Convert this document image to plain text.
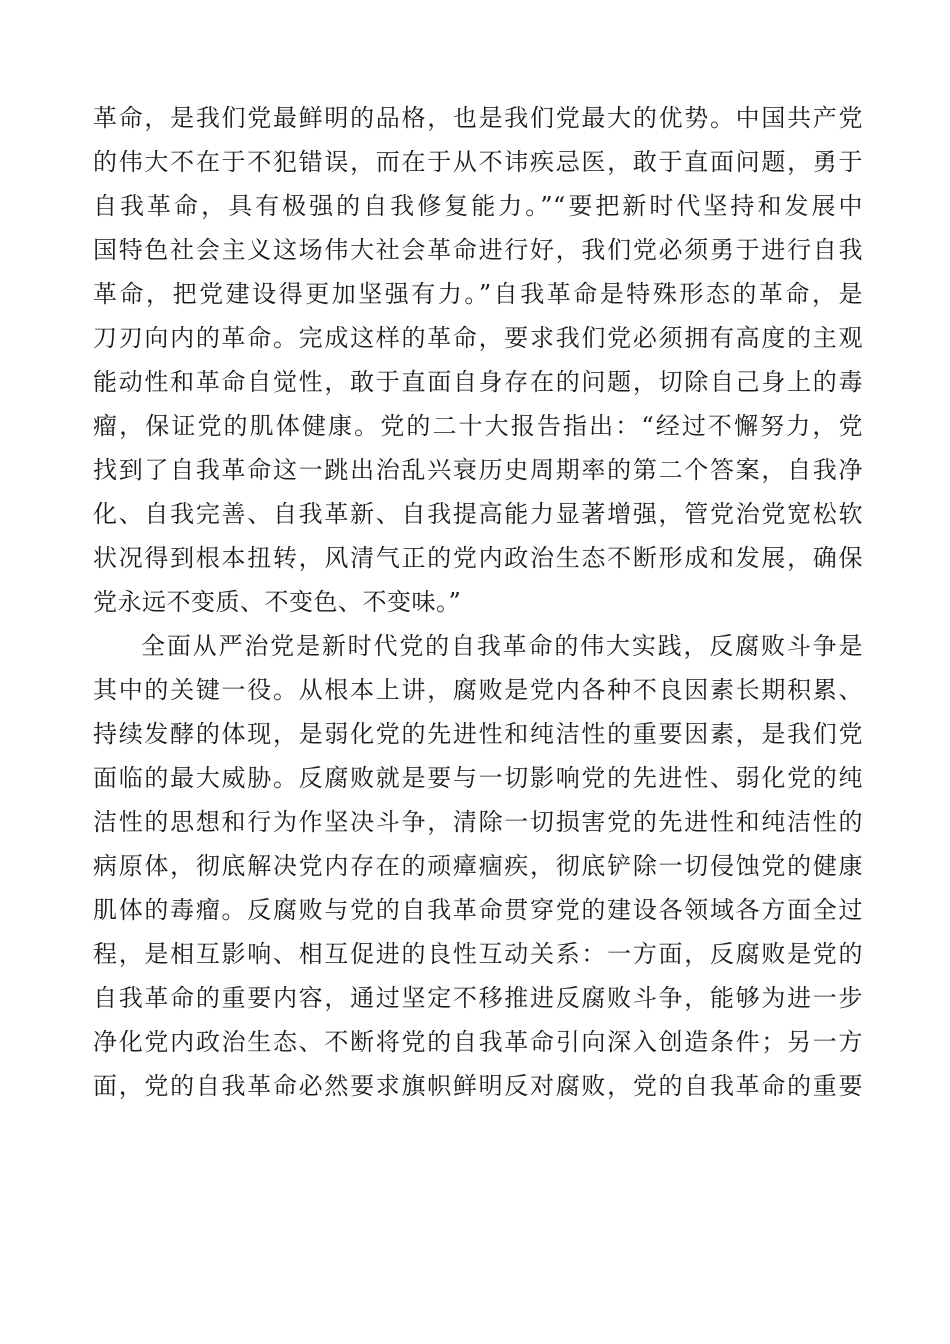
革命，是我们党最鲜明的品格，也是我们党最大的优势。中国共产党
的伟大不在于不犯错误，而在于从不讳疾忌医，敢于直面问题，勇于
自我革命，具有极强的自我修复能力。”“要把新时代坚持和发展中
国特色社会主义这场伟大社会革命进行好，我们党必须勇于进行自我
革命，把党建设得更加坚强有力。”自我革命是特殊形态的革命，是
刀刃向内的革命。完成这样的革命，要求我们党必须拥有高度的主观
能动性和革命自觉性，敢于直面自身存在的问题，切除自己身上的毒
瘤，保证党的肌体健康。党的二十大报告指出：“经过不懈努力，党
找到了自我革命这一跳出治乱兴衰历史周期率的第二个答案，自我净
化、自我完善、自我革新、自我提高能力显著增强，管党治党宽松软
状况得到根本扭转，风清气正的党内政治生态不断形成和发展，确保
党永远不变质、不变色、不变味。”
全面从严治党是新时代党的自我革命的伟大实践，反腐败斗争是
其中的关键一役。从根本上讲，腐败是党内各种不良因素长期积累、
持续发酵的体现，是弱化党的先进性和纯洁性的重要因素，是我们党
面临的最大威胁。反腐败就是要与一切影响党的先进性、弱化党的纯
洁性的思想和行为作坚决斗争，清除一切损害党的先进性和纯洁性的
病原体，彻底解决党内存在的顽瘴痼疾，彻底铲除一切侵蚀党的健康
肌体的毒瘤。反腐败与党的自我革命贯穿党的建设各领域各方面全过
程，是相互影响、相互促进的良性互动关系：一方面，反腐败是党的
自我革命的重要内容，通过坚定不移推进反腐败斗争，能够为进一步
净化党内政治生态、不断将党的自我革命引向深入创造条件；另一方
面，党的自我革命必然要求旗帜鲜明反对腐败，党的自我革命的重要
